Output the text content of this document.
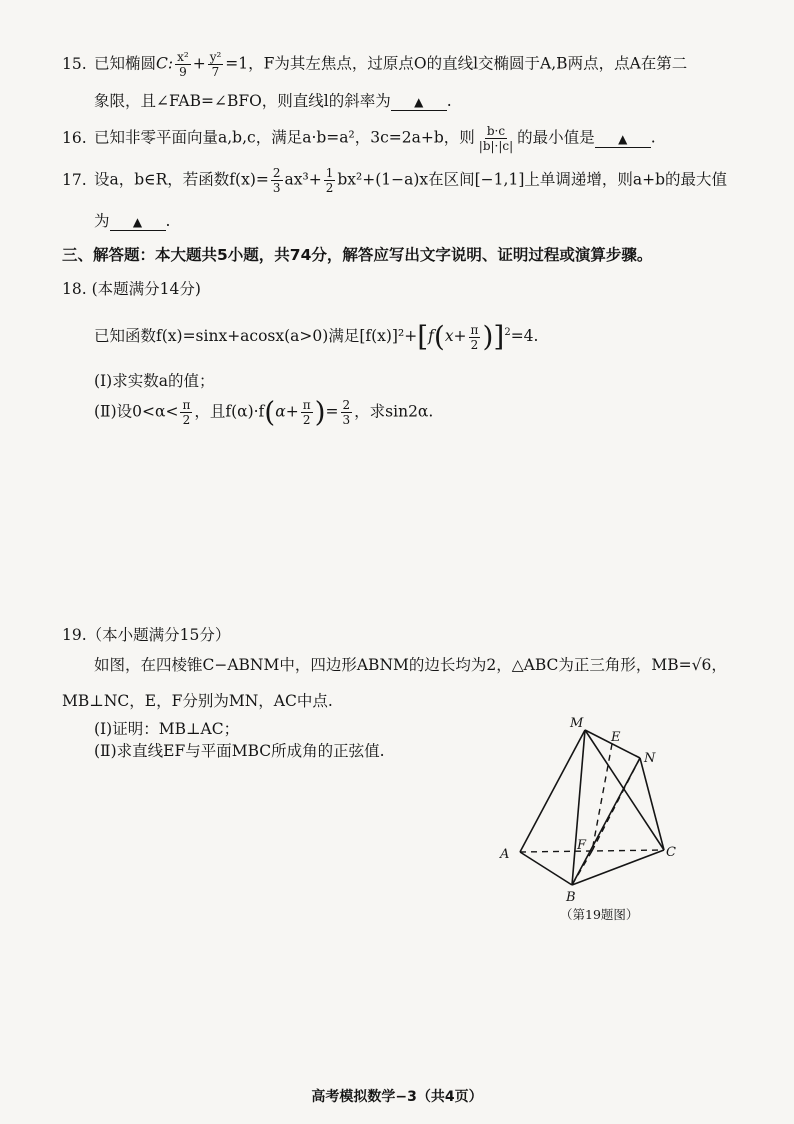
15. 已知椭圆C: $\frac{\text{x²}}{9} + \frac{\text{y²}}{7} =1$，F为其左焦点，过原点O的直线l交椭圆于A,B两点，点A在第二
象限，且∠FAB=∠BFO，则直线l的斜率为 ▲ .
16. 已知非零平面向量a,b,c，满足a·b=a²，3c=2a+b，则 $\frac{b\cdot c}{|b|\cdot|c|}$ 的最小值是 ▲ .
17. 设a，b∈R，若函数$f(x)= \frac{2}{3} ax^3+ \frac{1}{2} bx^2+(1-a)x$在区间[−1,1]上单调递增，则a+b的最大值
为 ▲ .
三、解答题：本大题共5小题，共74分，解答应写出文字说明、证明过程或演算步骤。
18. (本题满分14分)
已知函数f(x)=sinx+acosx(a>0)满足$[f(x)]^2+[f(x+ \frac{\pi}{2} )]^2=4$.
(Ⅰ)求实数a的值；
(Ⅱ)设$0<\alpha< \frac{\pi}{2}$ ，且$f(\alpha)\cdot f(\alpha+ \frac{\pi}{2}$ )= $\frac{2}{3}$ ，求sin2α.
19.（本小题满分15分）
如图，在四棱锥C−ABNM中，四边形ABNM的边长均为2，△ABC为正三角形，MB=√6，
MB⊥NC，E，F分别为MN，AC中点.
(Ⅰ)证明：MB⊥AC；
(Ⅱ)求直线EF与平面MBC所成角的正弦值.
M
E
N
A
F	C
B
（第19题图）
高考模拟数学−3（共4页）
